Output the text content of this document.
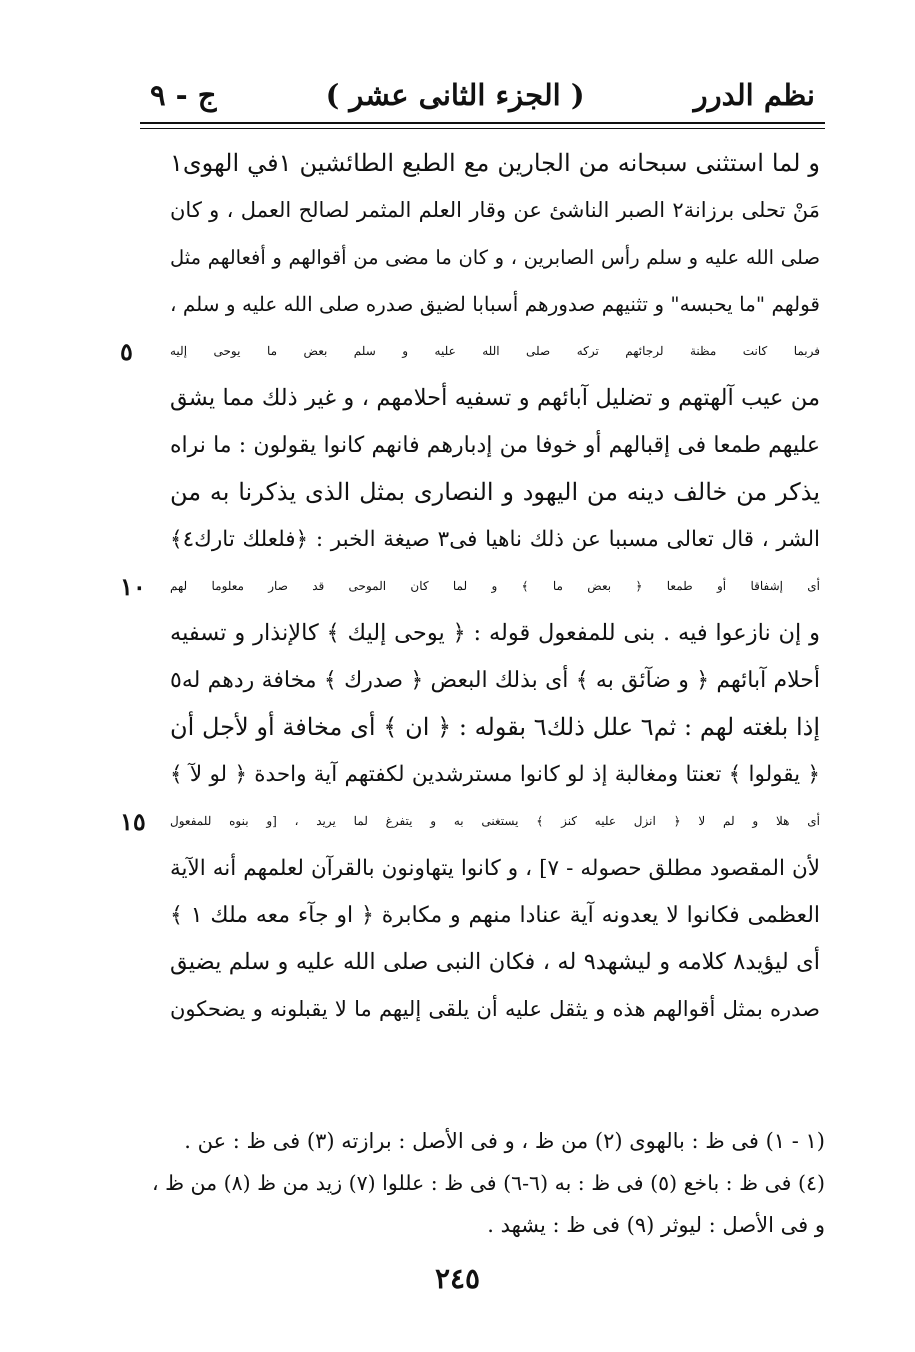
نظم الدرر
( الجزء الثانى عشر )
ج - ٩
و لما استثنى سبحانه من الجارين مع الطبع الطائشين ١في الهوى١
مَنْ تحلى برزانة٢ الصبر الناشئ عن وقار العلم المثمر لصالح العمل ، و كان
صلى الله عليه و سلم رأس الصابرين ، و كان ما مضى من أقوالهم و أفعالهم مثل
قولهم "ما يحبسه" و تثنيهم صدورهم أسبابا لضيق صدره صلى الله عليه و سلم ،
فربما كانت مظنة لرجائهم تركه صلى الله عليه و سلم بعض ما يوحى إليه
٥
من عيب آلهتهم و تضليل آبائهم و تسفيه أحلامهم ، و غير ذلك مما يشق
عليهم طمعا فى إقبالهم أو خوفا من إدبارهم فانهم كانوا يقولون : ما نراه
يذكر من خالف دينه من اليهود و النصارى بمثل الذى يذكرنا به من
الشر ، قال تعالى مسببا عن ذلك ناهيا فى٣ صيغة الخبر : ﴿فلعلك تارك٤﴾
أى إشفاقا أو طمعا ﴿ بعض ما ﴾ و لما كان الموحى قد صار معلوما لهم
١٠
و إن نازعوا فيه . بنى للمفعول قوله : ﴿ يوحى إليك ﴾ كالإنذار و تسفيه
أحلام آبائهم ﴿ و ضآئق به ﴾ أى بذلك البعض ﴿ صدرك ﴾ مخافة ردهم له٥
إذا بلغته لهم : ثم٦ علل ذلك٦ بقوله : ﴿ ان ﴾ أى مخافة أو لأجل أن
﴿ يقولوا ﴾ تعنتا ومغالبة إذ لو كانوا مسترشدين لكفتهم آية واحدة ﴿ لو لآ ﴾
أى هلا و لم لا ﴿ انزل عليه كنز ﴾ يستغنى به و يتفرغ لما يريد ، [و بنوه للمفعول
١٥
لأن المقصود مطلق حصوله - ٧] ، و كانوا يتهاونون بالقرآن لعلمهم أنه الآية
العظمى فكانوا لا يعدونه آية عنادا منهم و مكابرة ﴿ او جآء معه ملك ١ ﴾
أى ليؤيد٨ كلامه و ليشهد٩ له ، فكان النبى صلى الله عليه و سلم يضيق
صدره بمثل أقوالهم هذه و يثقل عليه أن يلقى إليهم ما لا يقبلونه و يضحكون
(١ - ١) فى ظ : بالهوى (٢) من ظ ، و فى الأصل : برازته (٣) فى ظ : عن .
(٤) فى ظ : باخع (٥) فى ظ : به (٦-٦) فى ظ : عللوا (٧) زيد من ظ (٨) من ظ ،
و فى الأصل : ليوثر (٩) فى ظ : يشهد .
٢٤٥
